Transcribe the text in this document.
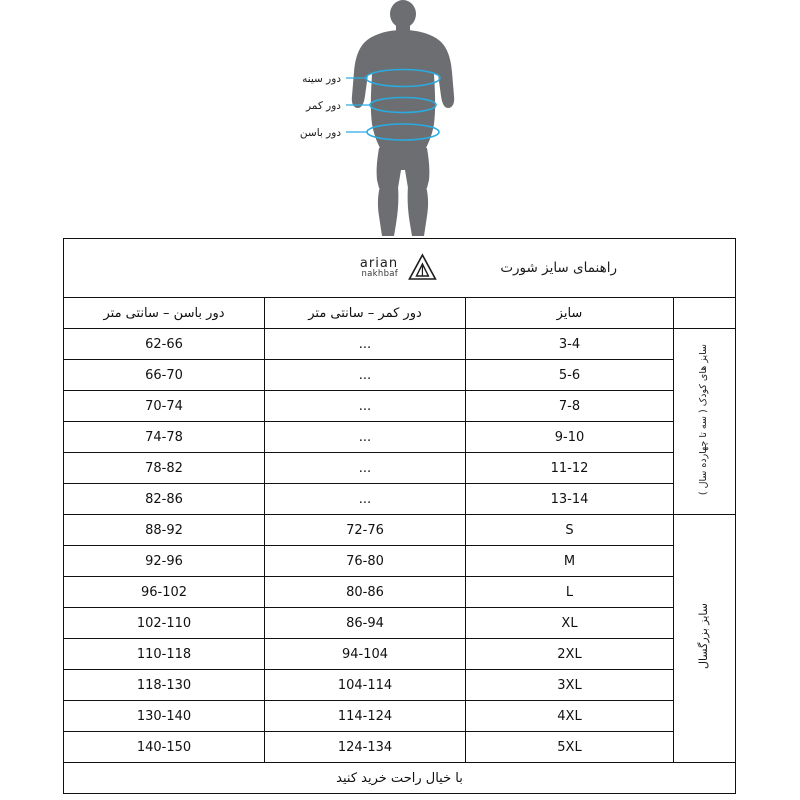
دور سینه
دور کمر
دور باسن
راهنمای سایز شورت
arian
nakhbaf			

	سایز	دور کمر – سانتی متر	دور باسن – سانتی متر
سایز های کودک ( سه تا چهارده سال )	3-4	...	62-66
	5-6	...	66-70
	7-8	...	70-74
	9-10	...	74-78
	11-12	...	78-82
	13-14	...	82-86
سایز بزرگسال	S	72-76	88-92
	M	76-80	92-96
	L	80-86	96-102
	XL	86-94	102-110
	2XL	94-104	110-118
	3XL	104-114	118-130
	4XL	114-124	130-140
	5XL	124-134	140-150
با خیال راحت خرید کنید			
